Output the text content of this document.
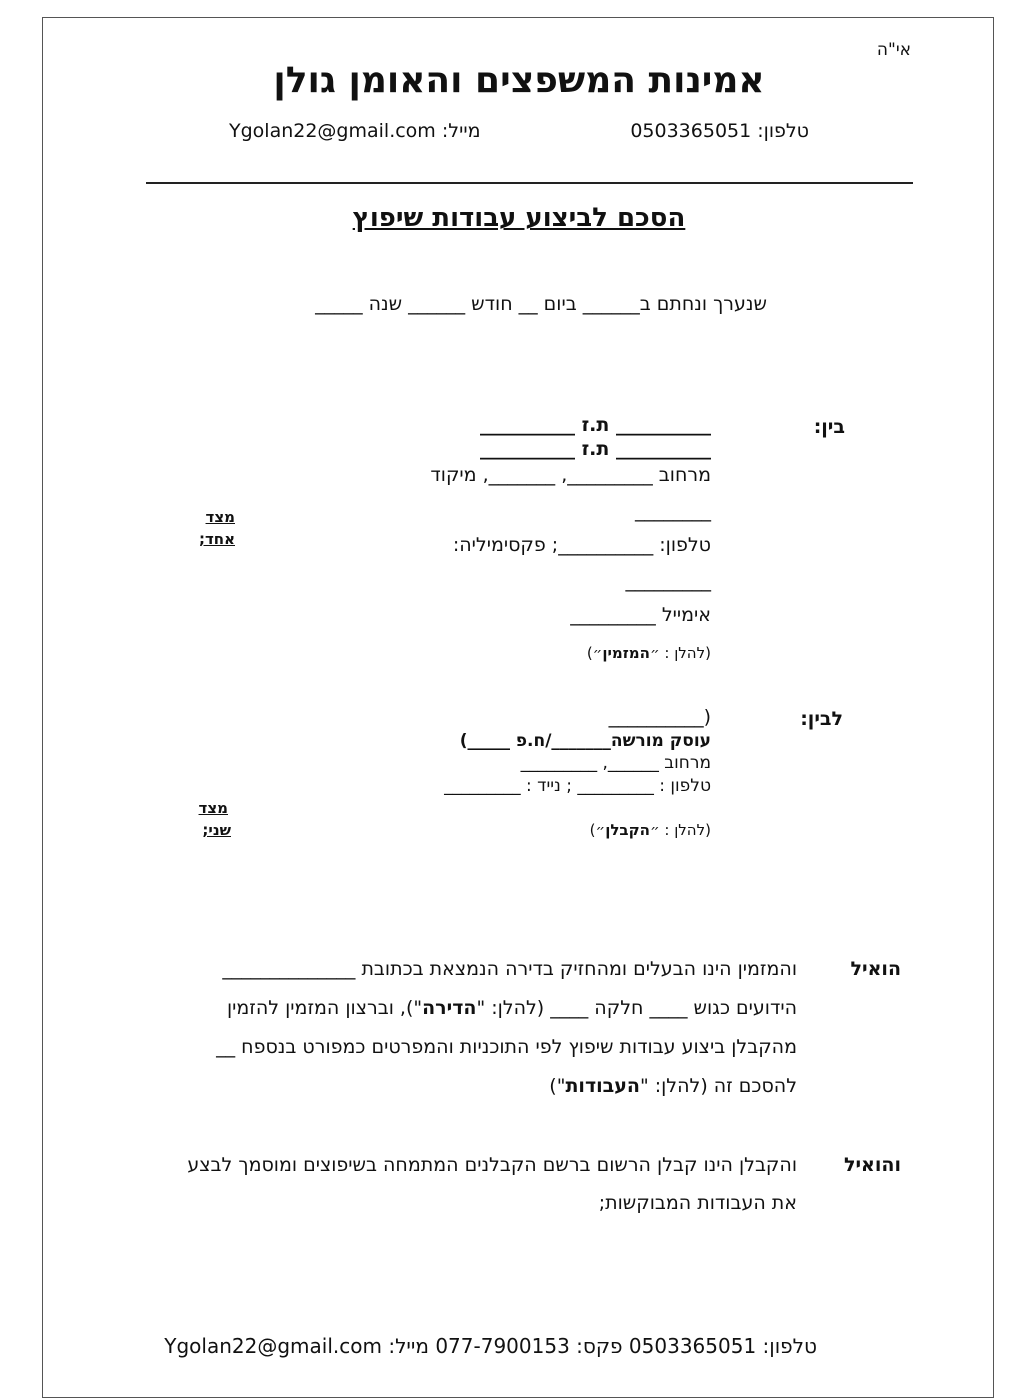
אי"ה
אמינות המשפצים והאומן גולן
טלפון: 0503365051
מייל: Ygolan22@gmail.com
הסכם לביצוע עבודות שיפוץ
שנערך ונחתם ב______ ביום __ חודש ______ שנה _____
בין:
__________ ת.ז __________
__________ ת.ז __________
מרחוב _________, _______, מיקוד
________
טלפון: __________; פקסימיליה:
_________
אימייל _________
(להלן : ״המזמין״)
מצד
אחד;
לבין:
__________)
עוסק מורשה_______/ח.פ _____)
מרחוב ______, _________
טלפון : _________ ; נייד : _________
(להלן : ״הקבלן״)
מצד
שני;
הואיל
והמזמין הינו הבעלים ומהחזיק בדירה הנמצאת בכתובת ______________
הידועים כגוש ____ חלקה ____ (להלן: "הדירה"), וברצון המזמין להזמין
מהקבלן ביצוע עבודות שיפוץ לפי התוכניות והמפרטים כמפורט בנספח __
להסכם זה (להלן: "העבודות")
והואיל
והקבלן הינו קבלן הרשום ברשם הקבלנים המתמחה בשיפוצים ומוסמך לבצע
את העבודות המבוקשות;
טלפון: 0503365051 פקס: 077-7900153 מייל: Ygolan22@gmail.com
